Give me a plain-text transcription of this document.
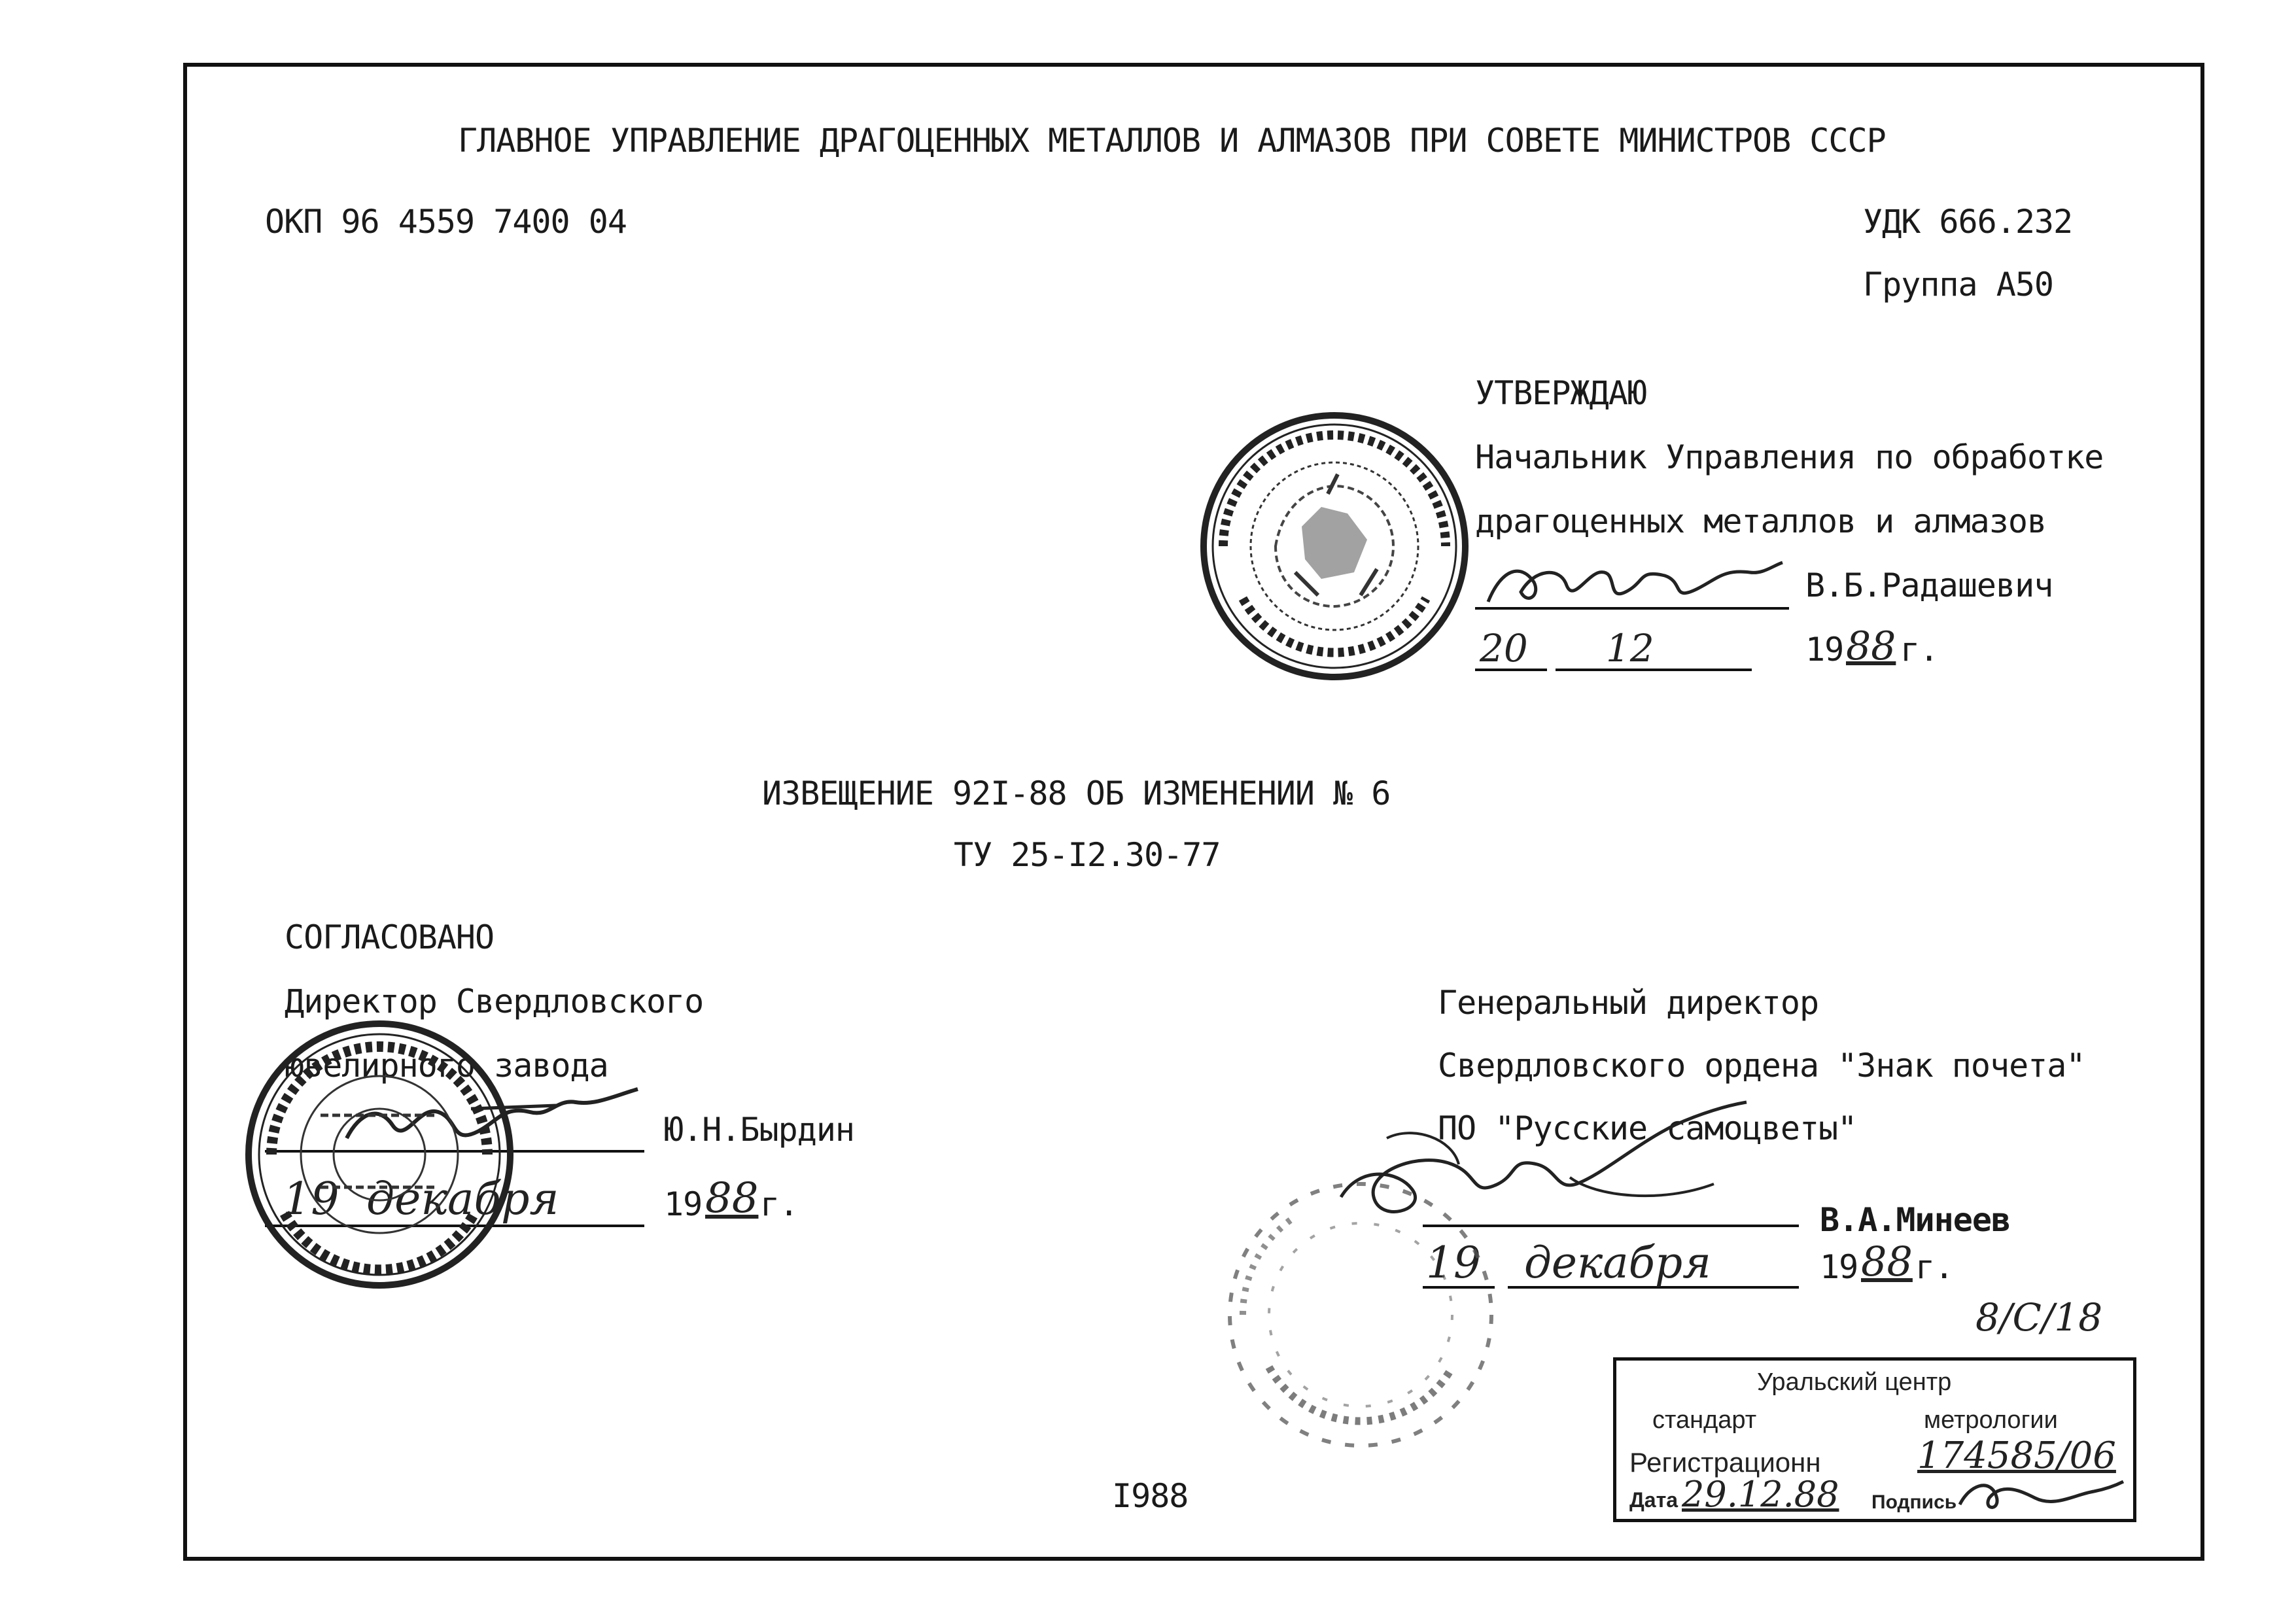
ГЛАВНОЕ УПРАВЛЕНИЕ ДРАГОЦЕННЫХ МЕТАЛЛОВ И АЛМАЗОВ ПРИ СОВЕТЕ МИНИСТРОВ СССР
ОКП 96 4559 7400 04	УДК 666.232
Группа А50
УТВЕРЖДАЮ
Начальник Управления по обработке
драгоценных металлов и алмазов
В.Б.Радашевич
20 12	19 88 г.
ИЗВЕЩЕНИЕ 92I-88 ОБ ИЗМЕНЕНИИ № 6
ТУ 25-I2.30-77
СОГЛАСОВАНО
Директор Свердловского
ювелирного завода
Ю.Н.Бырдин
19 декабря	19 88 г.
Генеральный директор
Свердловского ордена "Знак почета"
ПО "Русские самоцветы"
В.А.Минеев
19 декабря	19 88 г.
8/С/18
Уральский центр
стандарт	метрологии
Регистрационн	174585/06
Дата 29.12.88 Подпись
I988
